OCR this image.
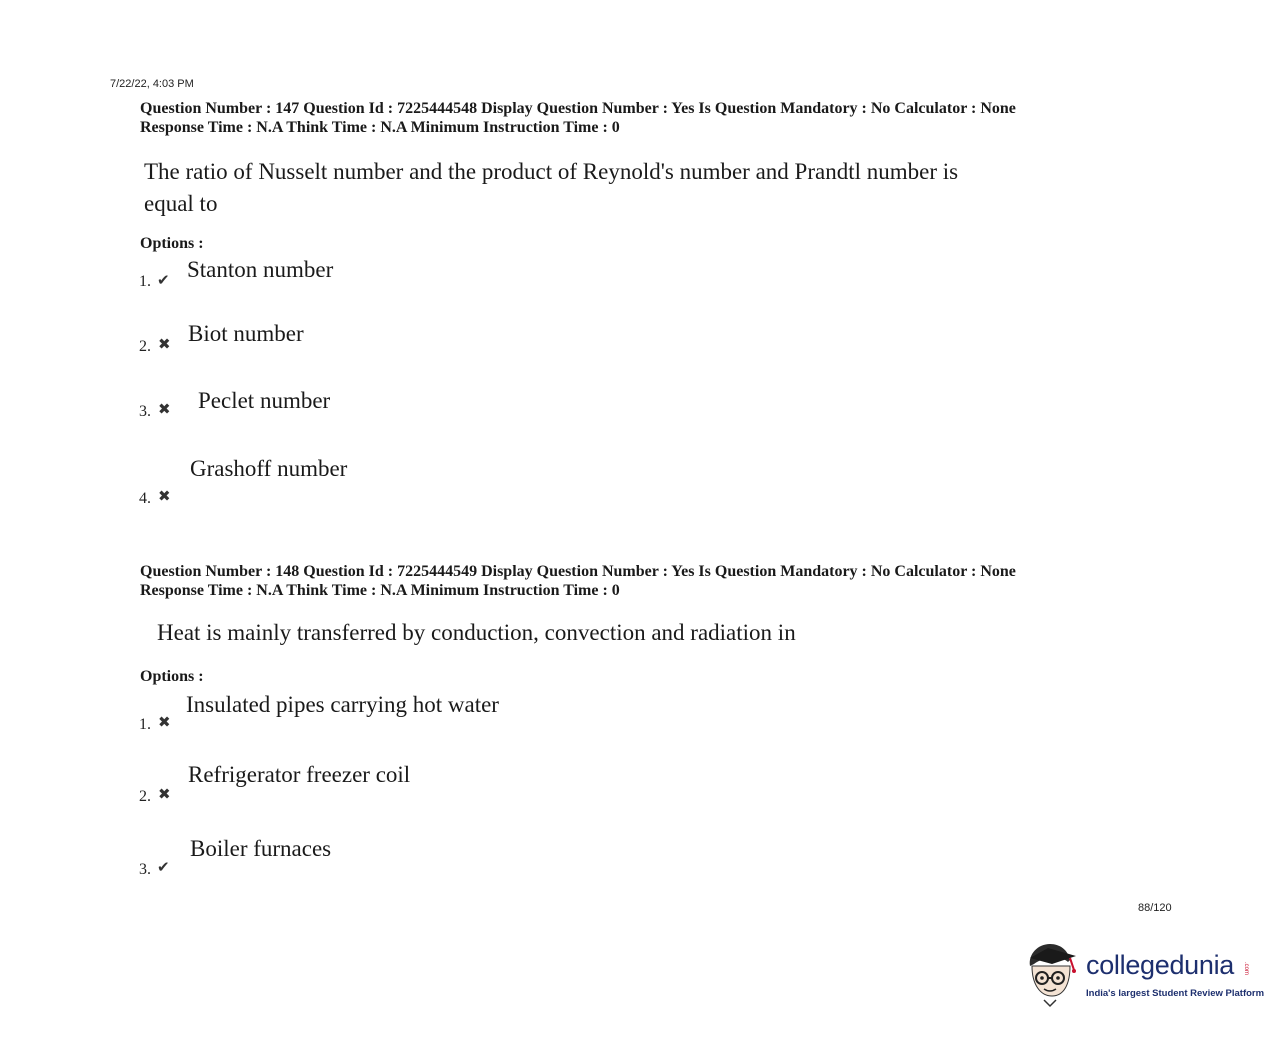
7/22/22, 4:03 PM
Question Number : 147 Question Id : 7225444548 Display Question Number : Yes Is Question Mandatory : No Calculator : None
Response Time : N.A Think Time : N.A Minimum Instruction Time : 0
The ratio of Nusselt number and the product of Reynold's number and Prandtl number is
equal to
Options :
1. ✔ Stanton number
2. ✖ Biot number
3. ✖ Peclet number
4. ✖
Grashoff number
Question Number : 148 Question Id : 7225444549 Display Question Number : Yes Is Question Mandatory : No Calculator : None
Response Time : N.A Think Time : N.A Minimum Instruction Time : 0
Heat is mainly transferred by conduction, convection and radiation in
Options :
1. ✖
Insulated pipes carrying hot water
2. ✖
Refrigerator freezer coil
3. ✔
Boiler furnaces
88/120
collegedunia .com
India's largest Student Review Platform
